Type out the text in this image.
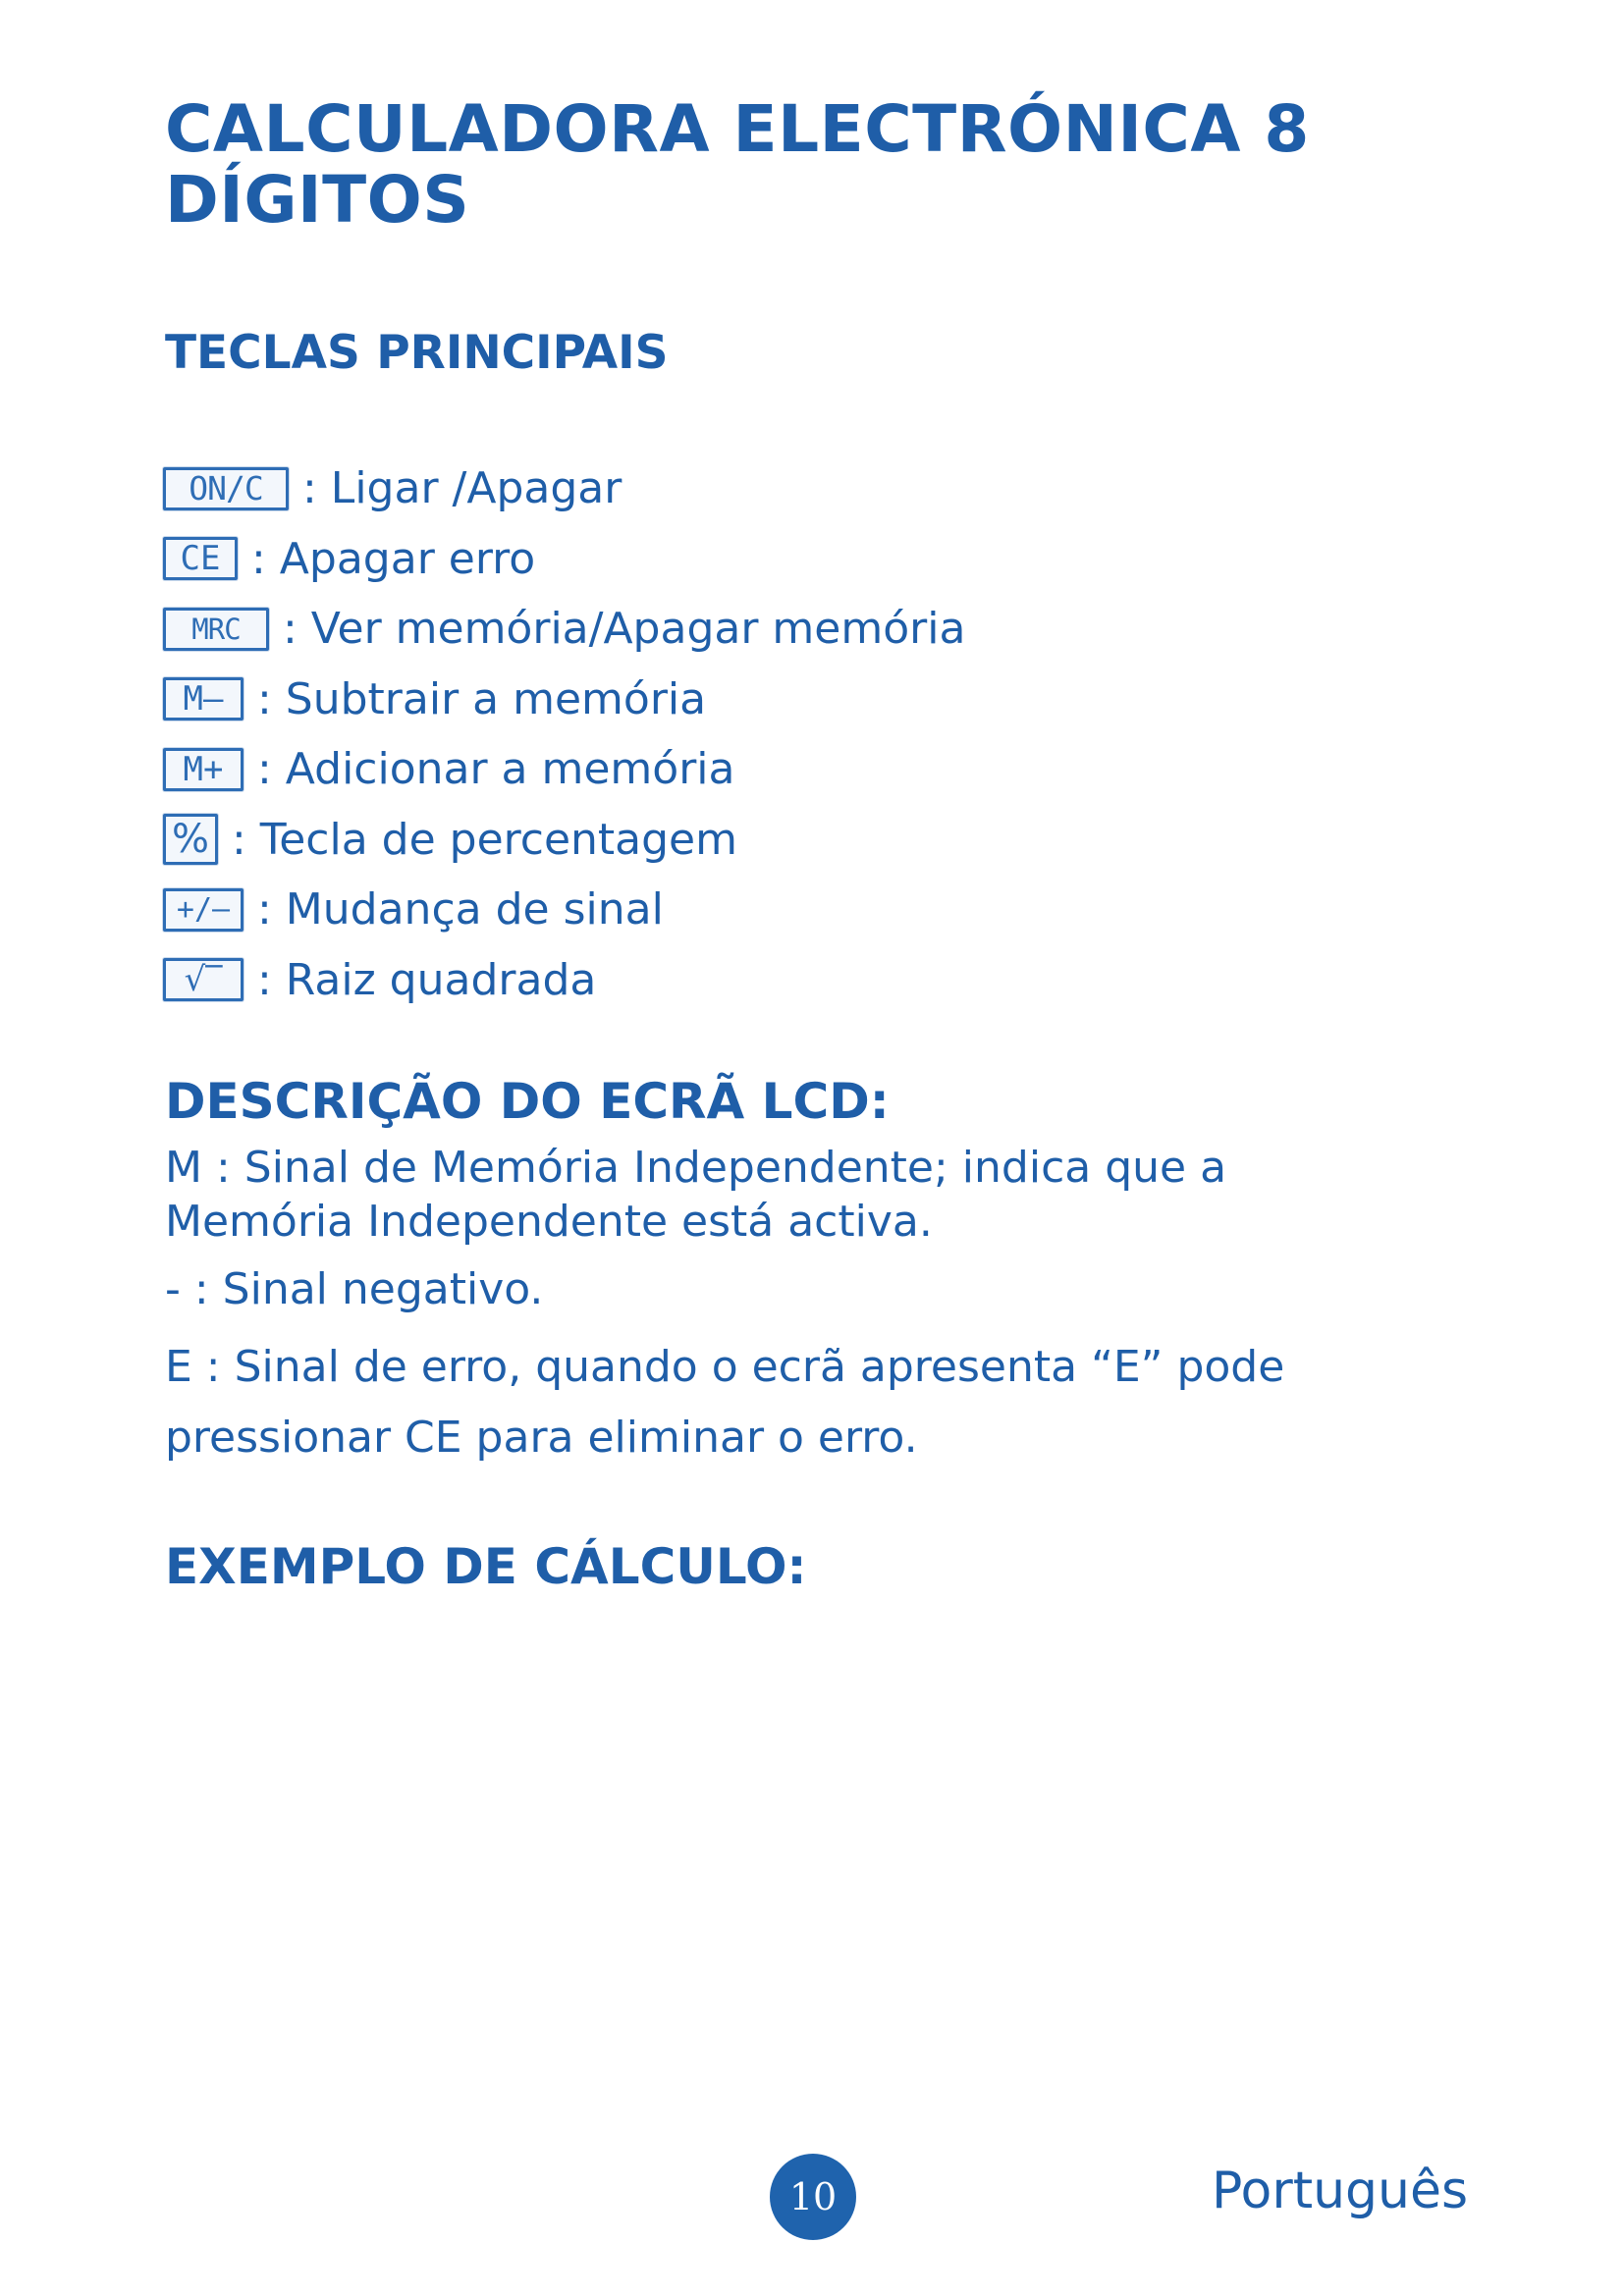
CALCULADORA ELECTRÓNICA 8 DÍGITOS
TECLAS PRINCIPAIS
ON/C : Ligar /Apagar
CE : Apagar erro
MRC : Ver memória/Apagar memória
M– : Subtrair a memória
M+ : Adicionar a memória
% : Tecla de percentagem
+/– : Mudança de sinal
√‾ : Raiz quadrada
DESCRIÇÃO DO ECRÃ LCD:

M : Sinal de Memória Independente; indica que a Memória Independente está activa.

- : Sinal negativo.

E : Sinal de erro, quando o ecrã apresenta “E” pode pressionar CE para eliminar o erro.

EXEMPLO DE CÁLCULO:
10	Português
